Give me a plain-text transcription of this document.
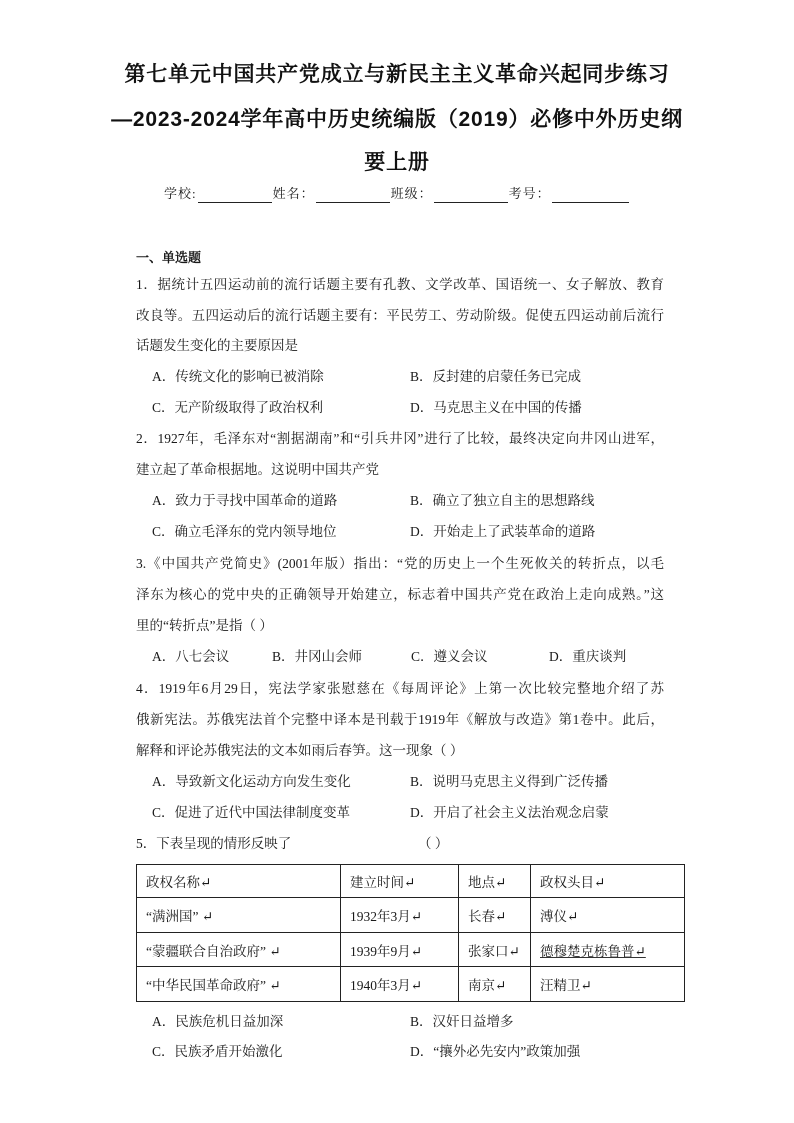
第七单元中国共产党成立与新民主主义革命兴起同步练习
—2023-2024学年高中历史统编版（2019）必修中外历史纲
要上册
学校:	姓名：	班级：	考号：
一、单选题
1．据统计五四运动前的流行话题主要有孔教、文学改革、国语统一、女子解放、教育
改良等。五四运动后的流行话题主要有：平民劳工、劳动阶级。促使五四运动前后流行
话题发生变化的主要原因是
A．传统文化的影响已被消除	B．反封建的启蒙任务已完成
C．无产阶级取得了政治权利	D．马克思主义在中国的传播
2．1927年，毛泽东对“割据湖南”和“引兵井冈”进行了比较，最终决定向井冈山进军，
建立起了革命根据地。这说明中国共产党
A．致力于寻找中国革命的道路	B．确立了独立自主的思想路线
C．确立毛泽东的党内领导地位	D．开始走上了武装革命的道路
3.《中国共产党简史》(2001年版）指出：“党的历史上一个生死攸关的转折点，以毛
泽东为核心的党中央的正确领导开始建立，标志着中国共产党在政治上走向成熟。”这
里的“转折点”是指（ ）
A．八七会议	B．井冈山会师	C．遵义会议	D．重庆谈判
4．1919年6月29日，宪法学家张慰慈在《每周评论》上第一次比较完整地介绍了苏
俄新宪法。苏俄宪法首个完整中译本是刊载于1919年《解放与改造》第1卷中。此后，
解释和评论苏俄宪法的文本如雨后春笋。这一现象（ ）
A．导致新文化运动方向发生变化	B．说明马克思主义得到广泛传播
C．促进了近代中国法律制度变革	D．开启了社会主义法治观念启蒙
5．下表呈现的情形反映了	（ ）
政权名称↵	建立时间↵	地点↵	政权头目↵
“满洲国” ↵	1932年3月↵	长春↵	溥仪↵
“蒙疆联合自治政府” ↵	1939年9月↵	张家口↵	德穆楚克栋鲁普↵
“中华民国革命政府” ↵	1940年3月↵	南京↵	汪精卫↵
A．民族危机日益加深	B．汉奸日益增多
C．民族矛盾开始激化	D．“攘外必先安内”政策加强
